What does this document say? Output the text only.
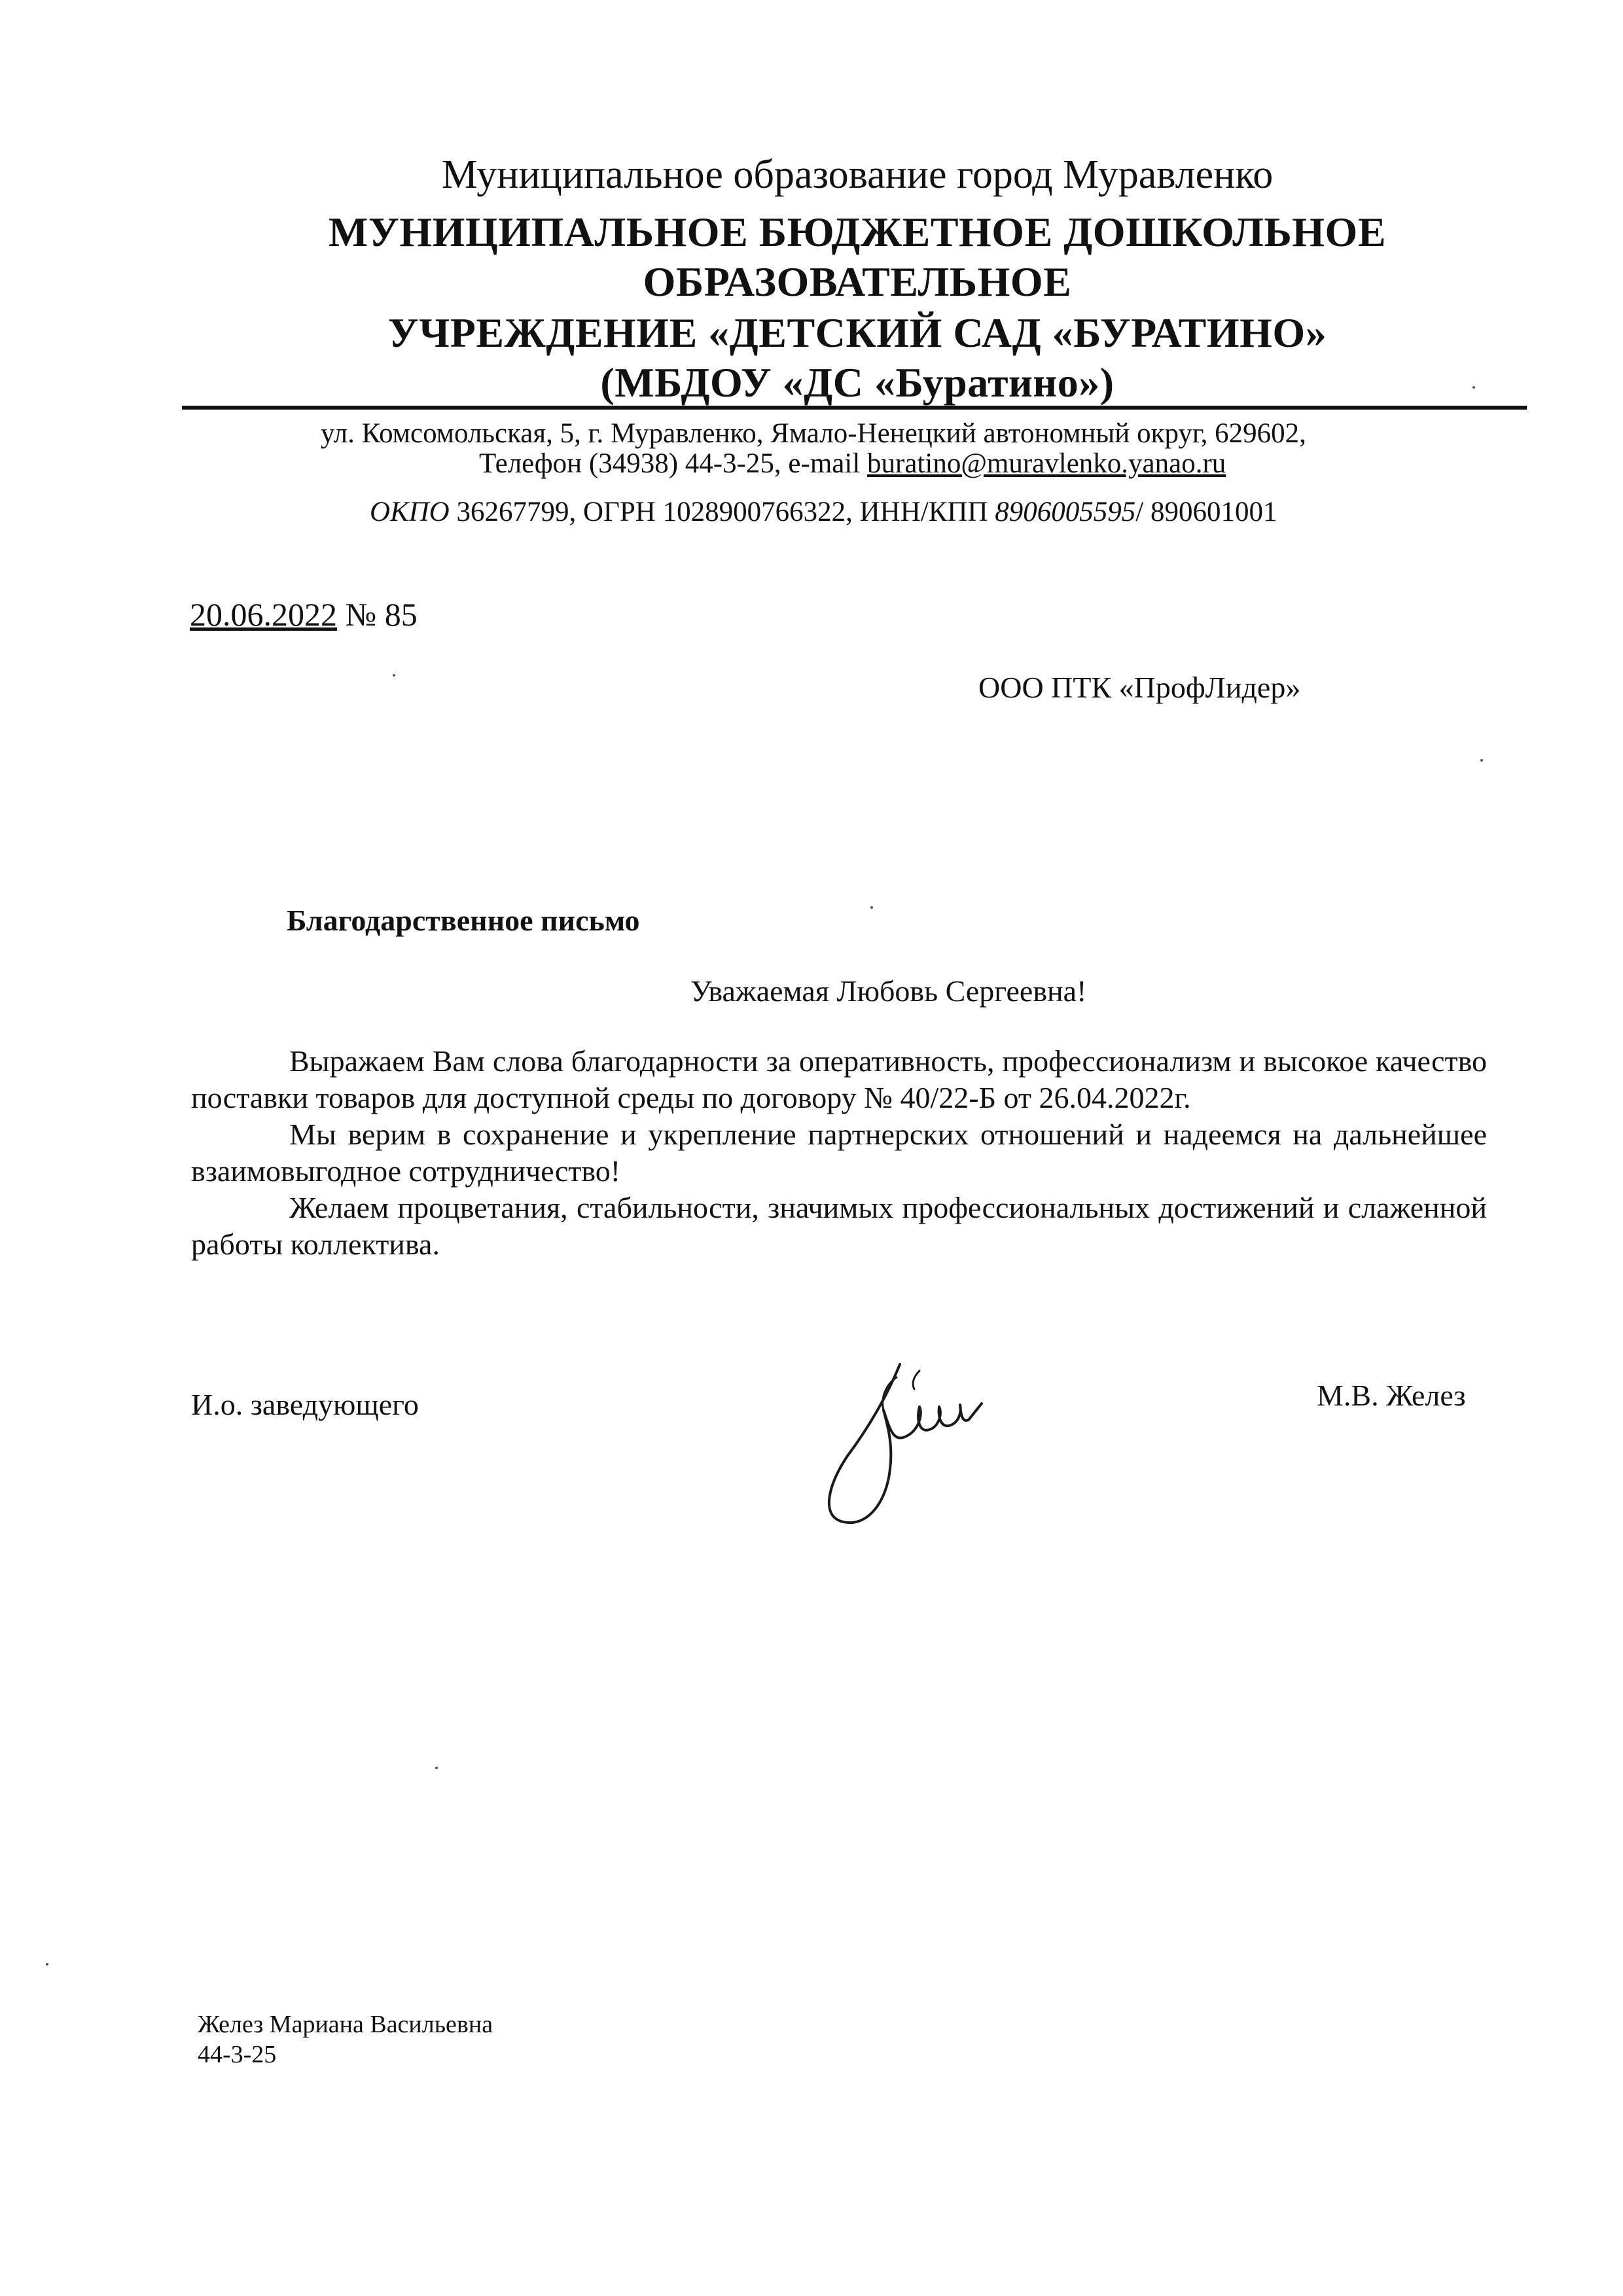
Муниципальное образование город Муравленко
МУНИЦИПАЛЬНОЕ БЮДЖЕТНОЕ ДОШКОЛЬНОЕ
ОБРАЗОВАТЕЛЬНОЕ
УЧРЕЖДЕНИЕ «ДЕТСКИЙ САД «БУРАТИНО»
(МБДОУ «ДС «Буратино»)
ул. Комсомольская, 5, г. Муравленко, Ямало-Ненецкий автономный округ, 629602,
Телефон (34938) 44-3-25, e-mail buratino@muravlenko.yanao.ru
ОКПО 36267799, ОГРН 1028900766322, ИНН/КПП 8906005595/ 890601001
20.06.2022 № 85
ООО ПТК «ПрофЛидер»
Благодарственное письмо
Уважаемая Любовь Сергеевна!

Выражаем Вам слова благодарности за оперативность, профессионализм и высокое качество поставки товаров для доступной среды по договору № 40/22-Б от 26.04.2022г.

Мы верим в сохранение и укрепление партнерских отношений и надеемся на дальнейшее взаимовыгодное сотрудничество!

Желаем процветания, стабильности, значимых профессиональных достижений и слаженной работы коллектива.

И.о. заведующего	М.В. Желез
Желез Мариана Васильевна
44-3-25
